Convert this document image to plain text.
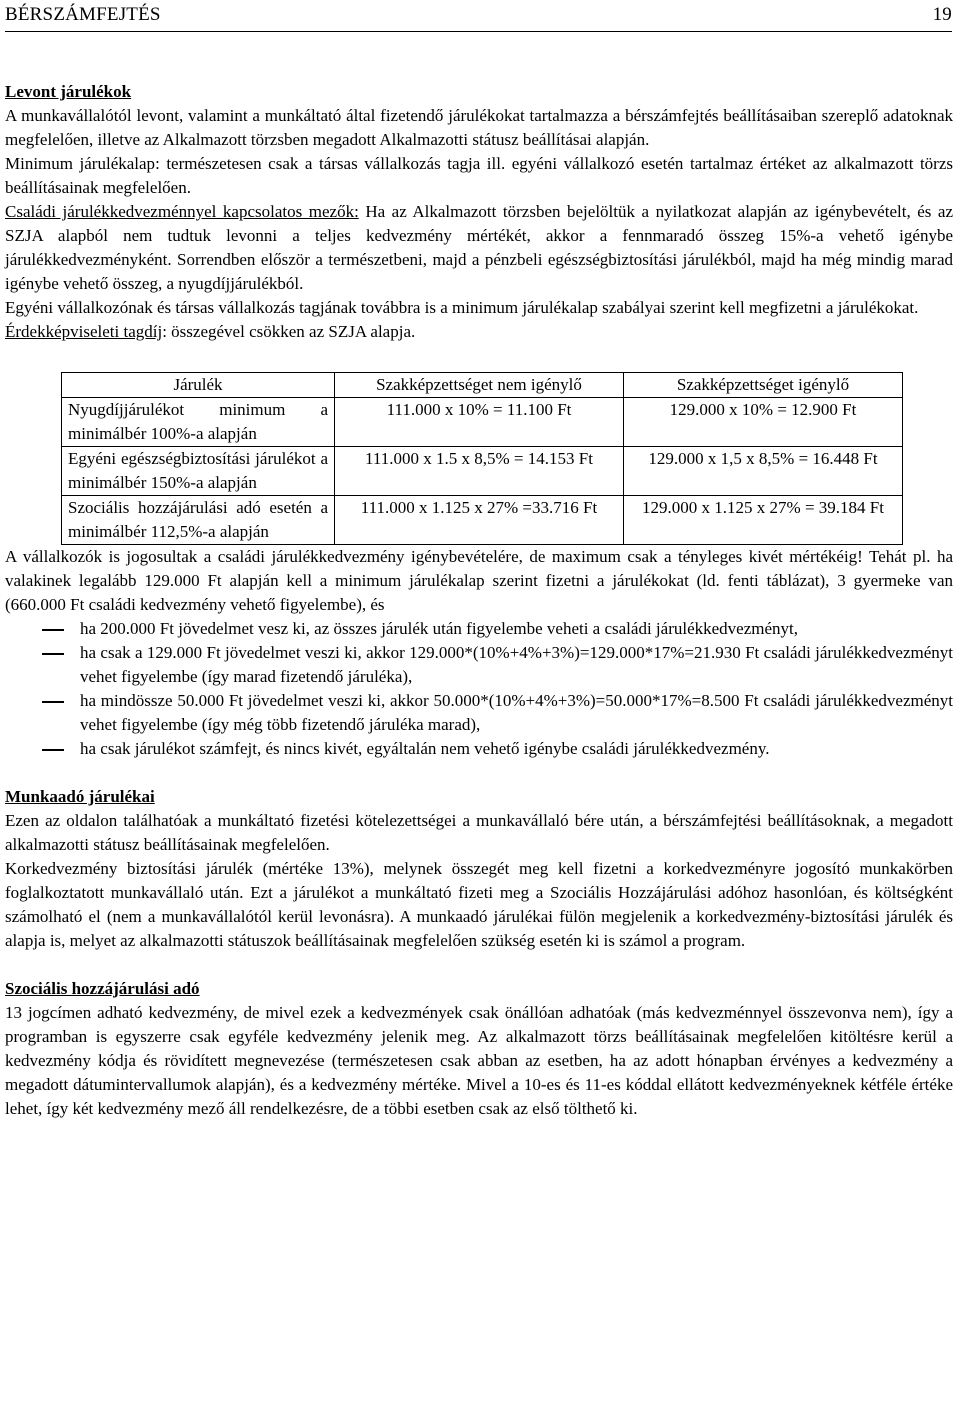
BÉRSZÁMFEJTÉS	19
Levont járulékok

A munkavállalótól levont, valamint a munkáltató által fizetendő járulékokat tartalmazza a bérszámfejtés beállításaiban szereplő adatoknak megfelelően, illetve az Alkalmazott törzsben megadott Alkalmazotti státusz beállításai alapján.

Minimum járulékalap: természetesen csak a társas vállalkozás tagja ill. egyéni vállalkozó esetén tartalmaz értéket az alkalmazott törzs beállításainak megfelelően.

Családi járulékkedvezménnyel kapcsolatos mezők: Ha az Alkalmazott törzsben bejelöltük a nyilatkozat alapján az igénybevételt, és az SZJA alapból nem tudtuk levonni a teljes kedvezmény mértékét, akkor a fennmaradó összeg 15%-a vehető igénybe járulékkedvezményként. Sorrendben először a természetbeni, majd a pénzbeli egészségbiztosítási járulékból, majd ha még mindig marad igénybe vehető összeg, a nyugdíjjárulékból.

Egyéni vállalkozónak és társas vállalkozás tagjának továbbra is a minimum járulékalap szabályai szerint kell megfizetni a járulékokat.

Érdekképviseleti tagdíj: összegével csökken az SZJA alapja.

Járulék	Szakképzettséget nem igénylő	Szakképzettséget igénylő
Nyugdíjjárulékot minimum a minimálbér 100%-a alapján	111.000 x 10% = 11.100 Ft	129.000 x 10% = 12.900 Ft
Egyéni egészségbiztosítási járulékot a minimálbér 150%-a alapján	111.000 x 1.5 x 8,5% = 14.153 Ft	129.000 x 1,5 x 8,5% = 16.448 Ft
Szociális hozzájárulási adó esetén a minimálbér 112,5%-a alapján	111.000 x 1.125 x 27% =33.716 Ft	129.000 x 1.125 x 27% = 39.184 Ft

A vállalkozók is jogosultak a családi járulékkedvezmény igénybevételére, de maximum csak a tényleges kivét mértékéig! Tehát pl. ha valakinek legalább 129.000 Ft alapján kell a minimum járulékalap szerint fizetni a járulékokat (ld. fenti táblázat), 3 gyermeke van (660.000 Ft családi kedvezmény vehető figyelembe), és

ha 200.000 Ft jövedelmet vesz ki, az összes járulék után figyelembe veheti a családi járulékkedvezményt,
ha csak a 129.000 Ft jövedelmet veszi ki, akkor 129.000*(10%+4%+3%)=129.000*17%=21.930 Ft családi járulékkedvezményt vehet figyelembe (így marad fizetendő járuléka),
ha mindössze 50.000 Ft jövedelmet veszi ki, akkor 50.000*(10%+4%+3%)=50.000*17%=8.500 Ft családi járulékkedvezményt vehet figyelembe (így még több fizetendő járuléka marad),
ha csak járulékot számfejt, és nincs kivét, egyáltalán nem vehető igénybe családi járulékkedvezmény.
Munkaadó járulékai

Ezen az oldalon találhatóak a munkáltató fizetési kötelezettségei a munkavállaló bére után, a bérszámfejtési beállításoknak, a megadott alkalmazotti státusz beállításainak megfelelően.

Korkedvezmény biztosítási járulék (mértéke 13%), melynek összegét meg kell fizetni a korkedvezményre jogosító munkakörben foglalkoztatott munkavállaló után. Ezt a járulékot a munkáltató fizeti meg a Szociális Hozzájárulási adóhoz hasonlóan, és költségként számolható el (nem a munkavállalótól kerül levonásra). A munkaadó járulékai fülön megjelenik a korkedvezmény-biztosítási járulék és alapja is, melyet az alkalmazotti státuszok beállításainak megfelelően szükség esetén ki is számol a program.

Szociális hozzájárulási adó

13 jogcímen adható kedvezmény, de mivel ezek a kedvezmények csak önállóan adhatóak (más kedvezménnyel összevonva nem), így a programban is egyszerre csak egyféle kedvezmény jelenik meg. Az alkalmazott törzs beállításainak megfelelően kitöltésre kerül a kedvezmény kódja és rövidített megnevezése (természetesen csak abban az esetben, ha az adott hónapban érvényes a kedvezmény a megadott dátumintervallumok alapján), és a kedvezmény mértéke. Mivel a 10-es és 11-es kóddal ellátott kedvezményeknek kétféle értéke lehet, így két kedvezmény mező áll rendelkezésre, de a többi esetben csak az első tölthető ki.
